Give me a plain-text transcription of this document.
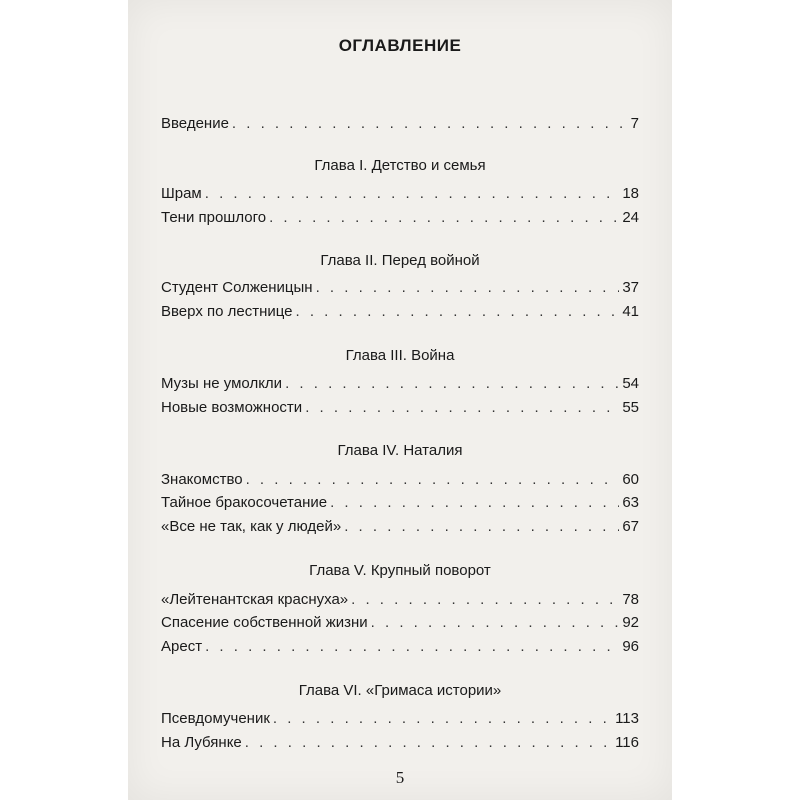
ОГЛАВЛЕНИЕ
Введение . . .	7
Глава I. Детство и семья
Шрам . . .	18
Тени прошлого . . .	24
Глава II. Перед войной
Студент Солженицын . . .	37
Вверх по лестнице . . .	41
Глава III. Война
Музы не умолкли . . .	54
Новые возможности . . .	55
Глава IV. Наталия
Знакомство . . .	60
Тайное бракосочетание . . .	63
«Все не так, как у людей» . . .	67
Глава V. Крупный поворот
«Лейтенантская краснуха» . . .	78
Спасение собственной жизни . . .	92
Арест . . .	96
Глава VI. «Гримаса истории»
Псевдомученик . . .	113
На Лубянке . . .	116
5
